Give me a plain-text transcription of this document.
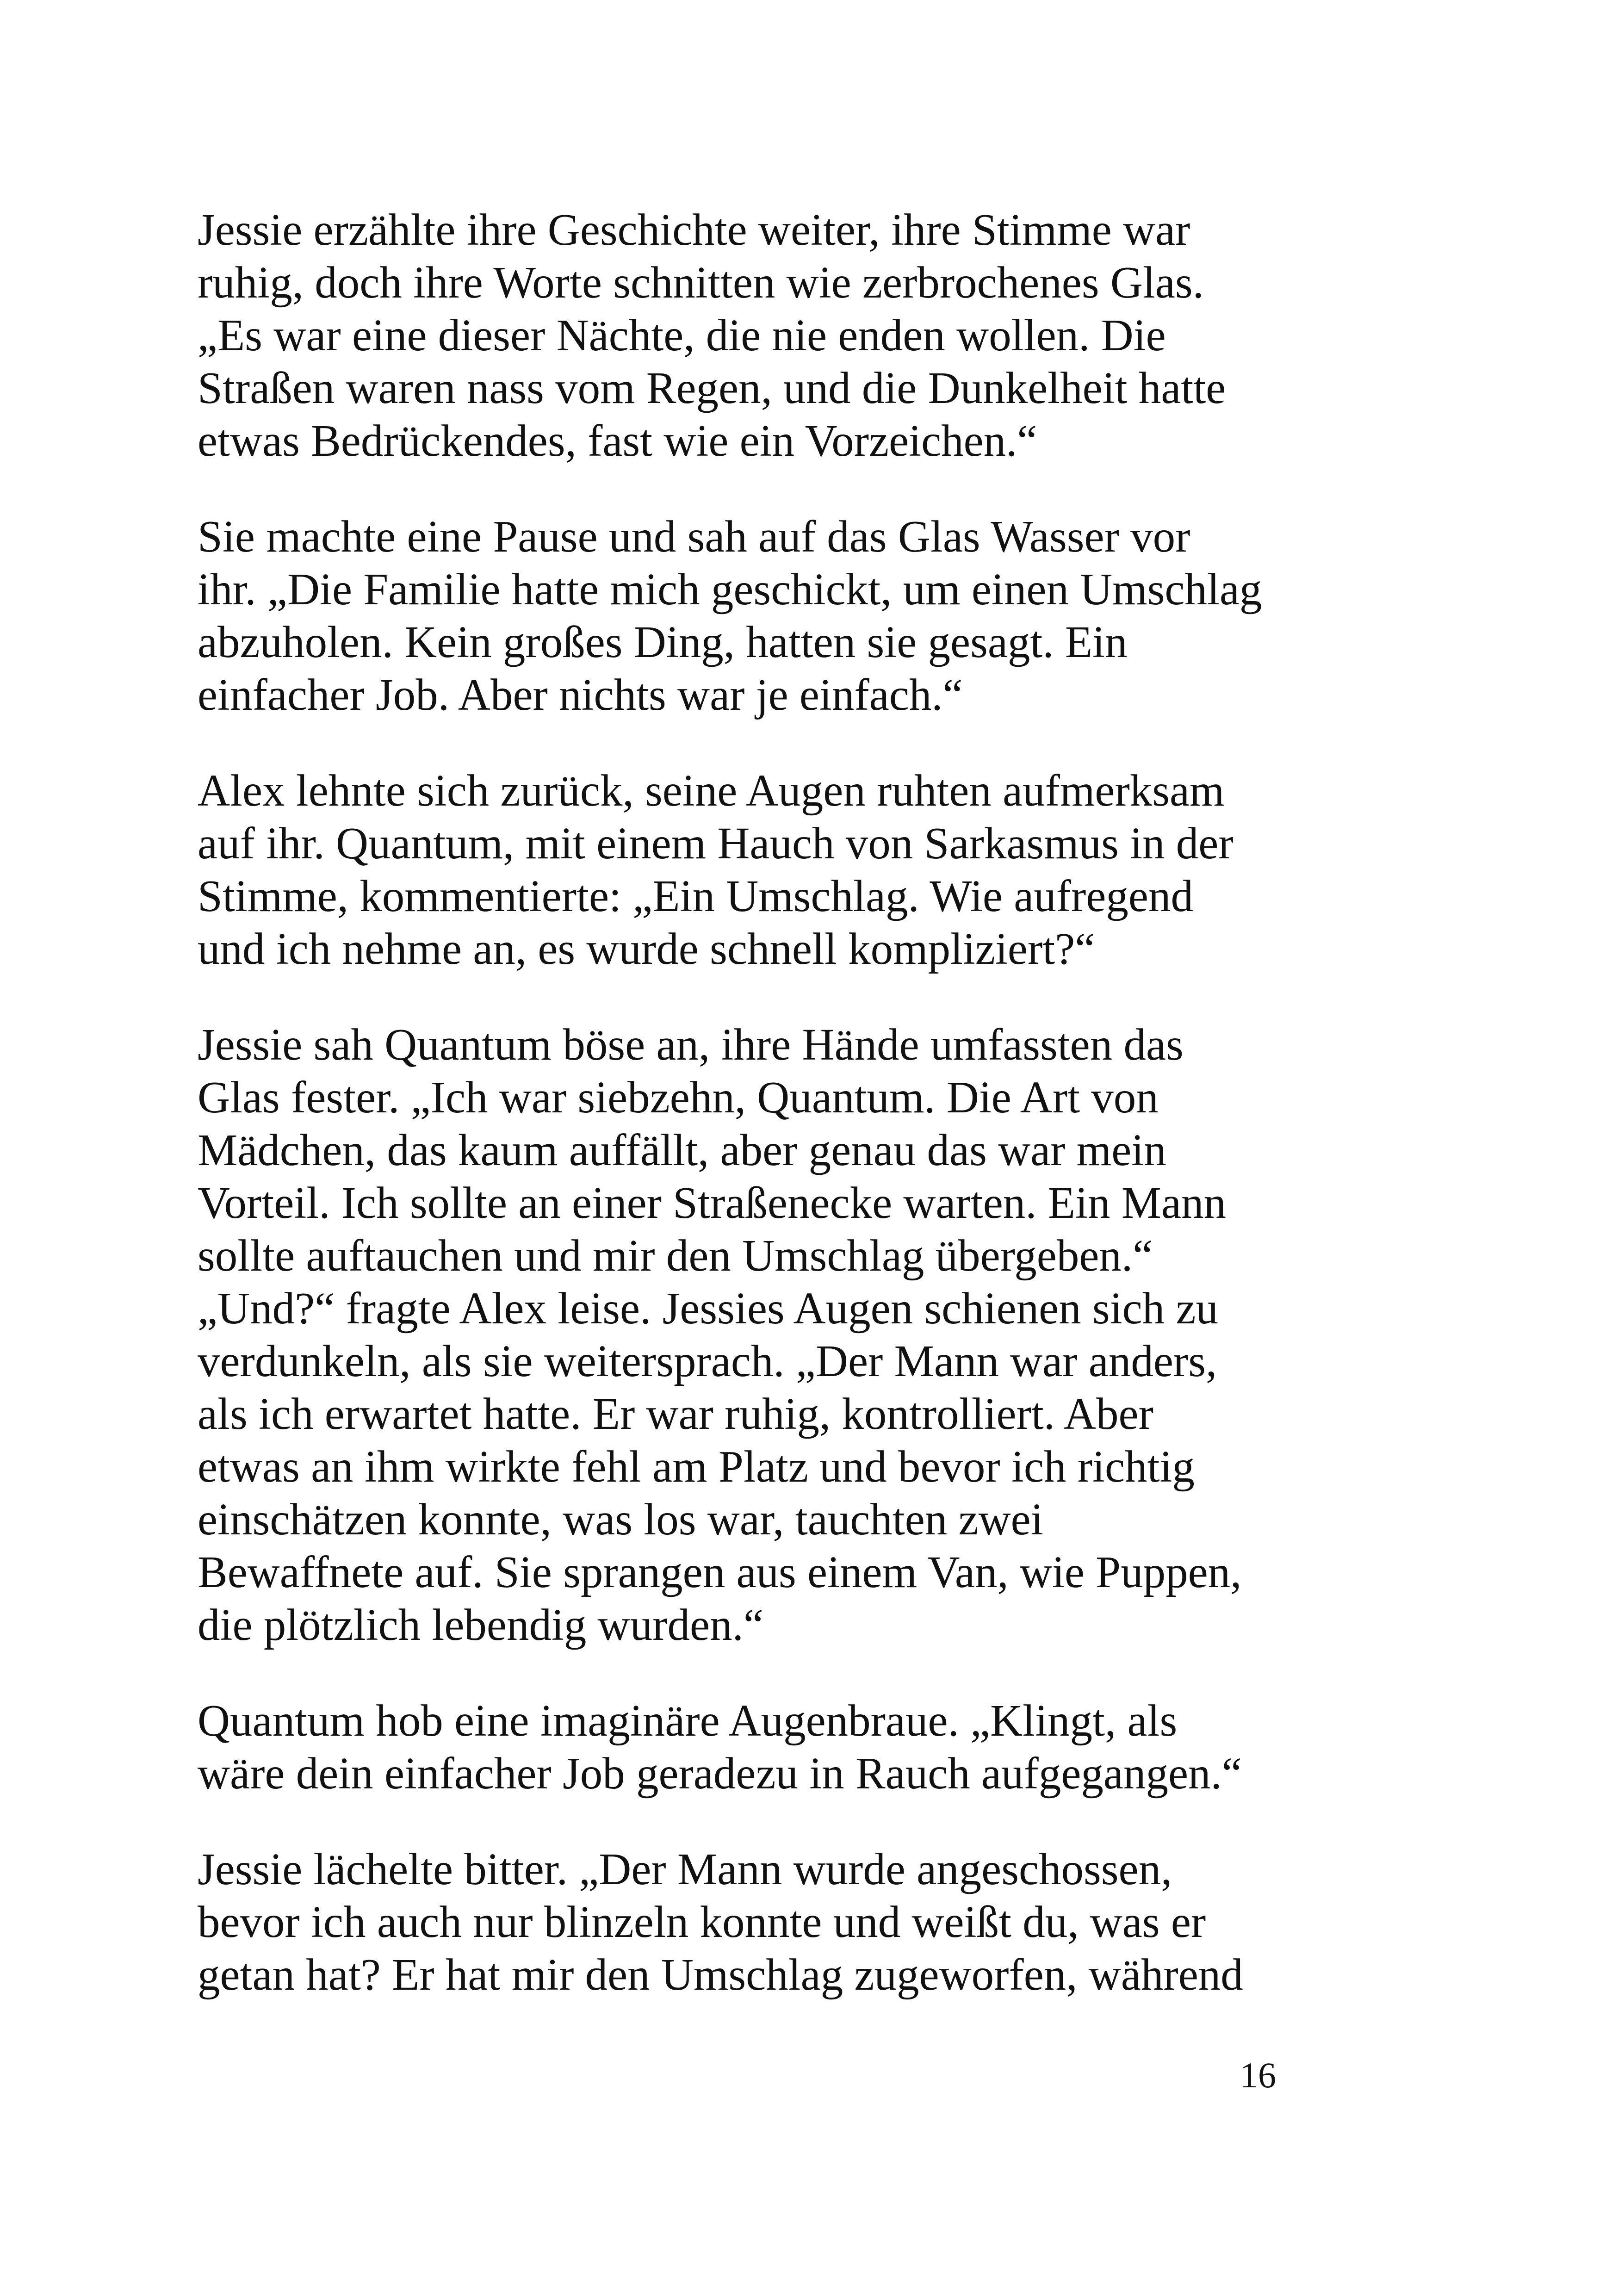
Jessie erzählte ihre Geschichte weiter, ihre Stimme war
ruhig, doch ihre Worte schnitten wie zerbrochenes Glas.
„Es war eine dieser Nächte, die nie enden wollen. Die
Straßen waren nass vom Regen, und die Dunkelheit hatte
etwas Bedrückendes, fast wie ein Vorzeichen.“

Sie machte eine Pause und sah auf das Glas Wasser vor
ihr. „Die Familie hatte mich geschickt, um einen Umschlag
abzuholen. Kein großes Ding, hatten sie gesagt. Ein
einfacher Job. Aber nichts war je einfach.“

Alex lehnte sich zurück, seine Augen ruhten aufmerksam
auf ihr. Quantum, mit einem Hauch von Sarkasmus in der
Stimme, kommentierte: „Ein Umschlag. Wie aufregend
und ich nehme an, es wurde schnell kompliziert?“

Jessie sah Quantum böse an, ihre Hände umfassten das
Glas fester. „Ich war siebzehn, Quantum. Die Art von
Mädchen, das kaum auffällt, aber genau das war mein
Vorteil. Ich sollte an einer Straßenecke warten. Ein Mann
sollte auftauchen und mir den Umschlag übergeben.“
„Und?“ fragte Alex leise. Jessies Augen schienen sich zu
verdunkeln, als sie weitersprach. „Der Mann war anders,
als ich erwartet hatte. Er war ruhig, kontrolliert. Aber
etwas an ihm wirkte fehl am Platz und bevor ich richtig
einschätzen konnte, was los war, tauchten zwei
Bewaffnete auf. Sie sprangen aus einem Van, wie Puppen,
die plötzlich lebendig wurden.“

Quantum hob eine imaginäre Augenbraue. „Klingt, als
wäre dein einfacher Job geradezu in Rauch aufgegangen.“

Jessie lächelte bitter. „Der Mann wurde angeschossen,
bevor ich auch nur blinzeln konnte und weißt du, was er
getan hat? Er hat mir den Umschlag zugeworfen, während

16
